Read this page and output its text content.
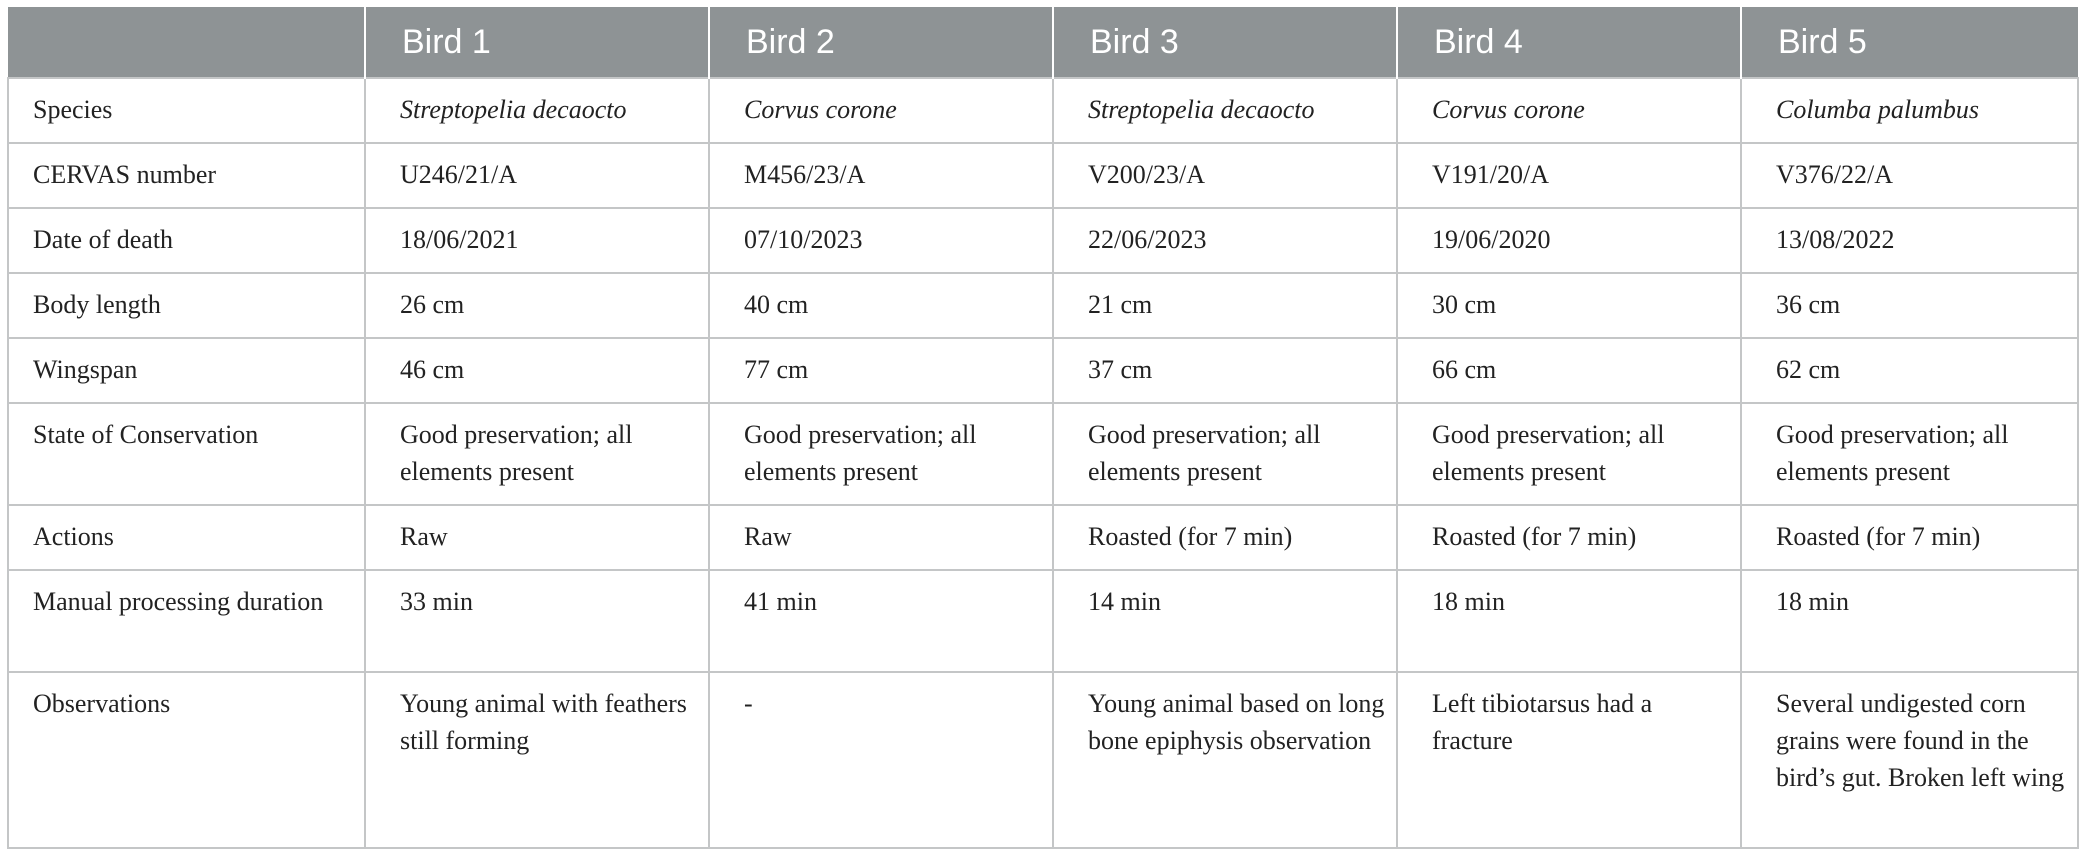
	Bird 1	Bird 2	Bird 3	Bird 4	Bird 5
Species	Streptopelia decaocto	Corvus corone	Streptopelia decaocto	Corvus corone	Columba palumbus
CERVAS number	U246/21/A	M456/23/A	V200/23/A	V191/20/A	V376/22/A
Date of death	18/06/2021	07/10/2023	22/06/2023	19/06/2020	13/08/2022
Body length	26 cm	40 cm	21 cm	30 cm	36 cm
Wingspan	46 cm	77 cm	37 cm	66 cm	62 cm
State of Conservation	Good preservation; all elements present	Good preservation; all elements present	Good preservation; all elements present	Good preservation; all elements present	Good preservation; all elements present
Actions	Raw	Raw	Roasted (for 7 min)	Roasted (for 7 min)	Roasted (for 7 min)
Manual processing duration	33 min	41 min	14 min	18 min	18 min
Observations	Young animal with feathers still forming	-	Young animal based on long bone epiphysis observation	Left tibiotarsus had a fracture	Several undigested corn grains were found in the bird’s gut. Broken left wing
